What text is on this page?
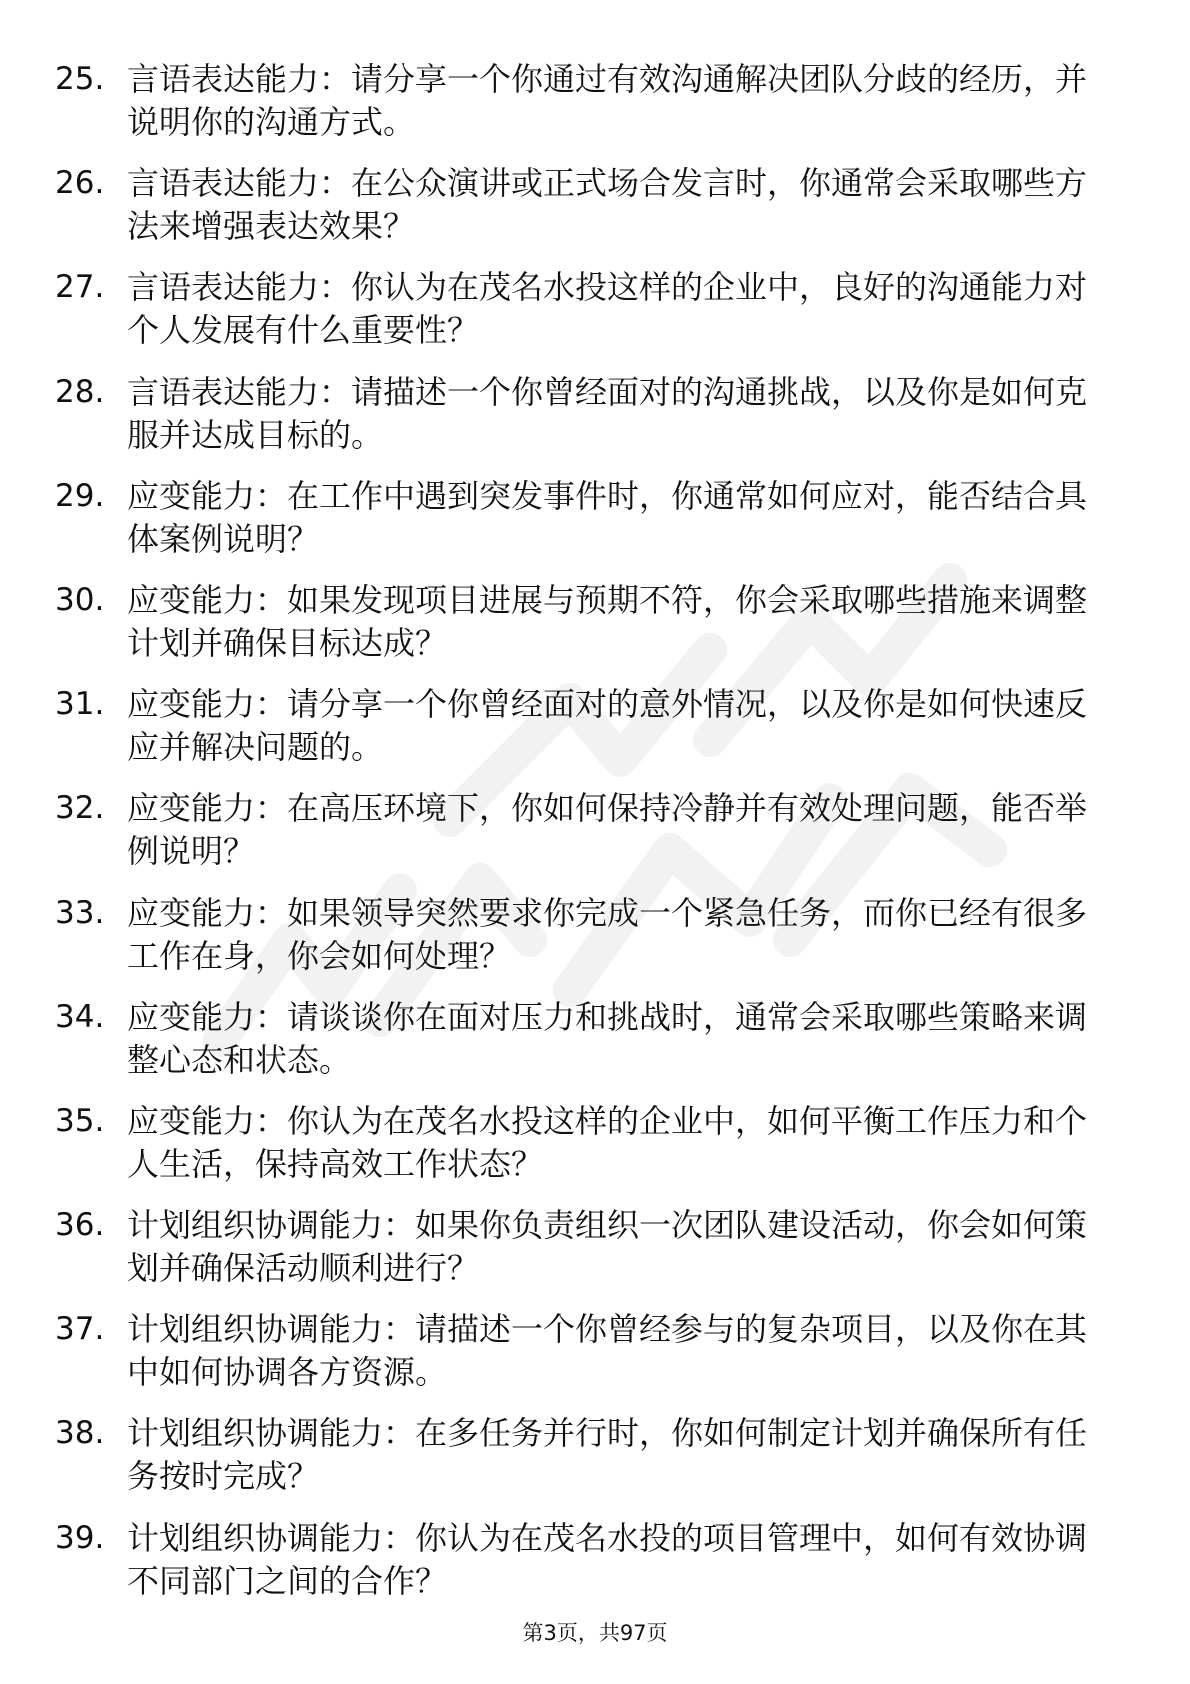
25. 言语表达能力：请分享一个你通过有效沟通解决团队分歧的经历，并说明你的沟通方式。
26. 言语表达能力：在公众演讲或正式场合发言时，你通常会采取哪些方法来增强表达效果？
27. 言语表达能力：你认为在茂名水投这样的企业中，良好的沟通能力对个人发展有什么重要性？
28. 言语表达能力：请描述一个你曾经面对的沟通挑战，以及你是如何克服并达成目标的。
29. 应变能力：在工作中遇到突发事件时，你通常如何应对，能否结合具体案例说明？
30. 应变能力：如果发现项目进展与预期不符，你会采取哪些措施来调整计划并确保目标达成？
31. 应变能力：请分享一个你曾经面对的意外情况，以及你是如何快速反应并解决问题的。
32. 应变能力：在高压环境下，你如何保持冷静并有效处理问题，能否举例说明？
33. 应变能力：如果领导突然要求你完成一个紧急任务，而你已经有很多工作在身，你会如何处理？
34. 应变能力：请谈谈你在面对压力和挑战时，通常会采取哪些策略来调整心态和状态。
35. 应变能力：你认为在茂名水投这样的企业中，如何平衡工作压力和个人生活，保持高效工作状态？
36. 计划组织协调能力：如果你负责组织一次团队建设活动，你会如何策划并确保活动顺利进行？
37. 计划组织协调能力：请描述一个你曾经参与的复杂项目，以及你在其中如何协调各方资源。
38. 计划组织协调能力：在多任务并行时，你如何制定计划并确保所有任务按时完成？
39. 计划组织协调能力：你认为在茂名水投的项目管理中，如何有效协调不同部门之间的合作？
第3页，共97页
